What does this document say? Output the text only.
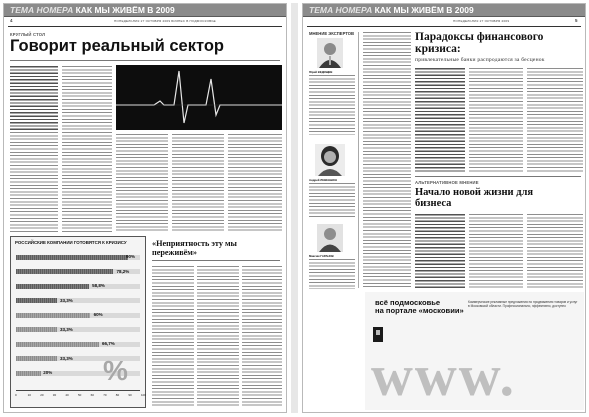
ТЕМА НОМЕРА КАК МЫ ЖИВЁМ В 2009
4	ПОНЕДЕЛЬНИК 27 ОКТЯБРЯ 2009 БИЗНЕС В ПОДМОСКОВЬЕ
КРУГЛЫЙ СТОЛ
Говорит реальный сектор
РОССИЙСКИЕ КОМПАНИИ ГОТОВЯТСЯ К КРИЗИСУ
90%
78,2%
58,8%
33,3%
60%
33,3%
66,7%
33,3%
20% %
0	10	20	30	40	50	60	70	80	90	100
«Неприятность эту мы переживём»
ТЕМА НОМЕРА КАК МЫ ЖИВЁМ В 2009
ПОНЕДЕЛЬНИК 27 ОКТЯБРЯ 2009	5
МНЕНИЕ ЭКСПЕРТОВ
Юрий ВЕДИЩЕВ
Андрей ЛЕВЕНШОН
Максим ГАРАНОВ
Парадоксы финансового кризиса:
привлекательные банки распродаются за бесценок
АЛЬТЕРНАТИВНОЕ МНЕНИЕ
Начало новой жизни для бизнеса
всё подмосковье
на портале «московии»
Коммерческие рекламные предложения по продвижению товаров и услуг в Московской области. Профессионально, эффективно, доступно
www.
